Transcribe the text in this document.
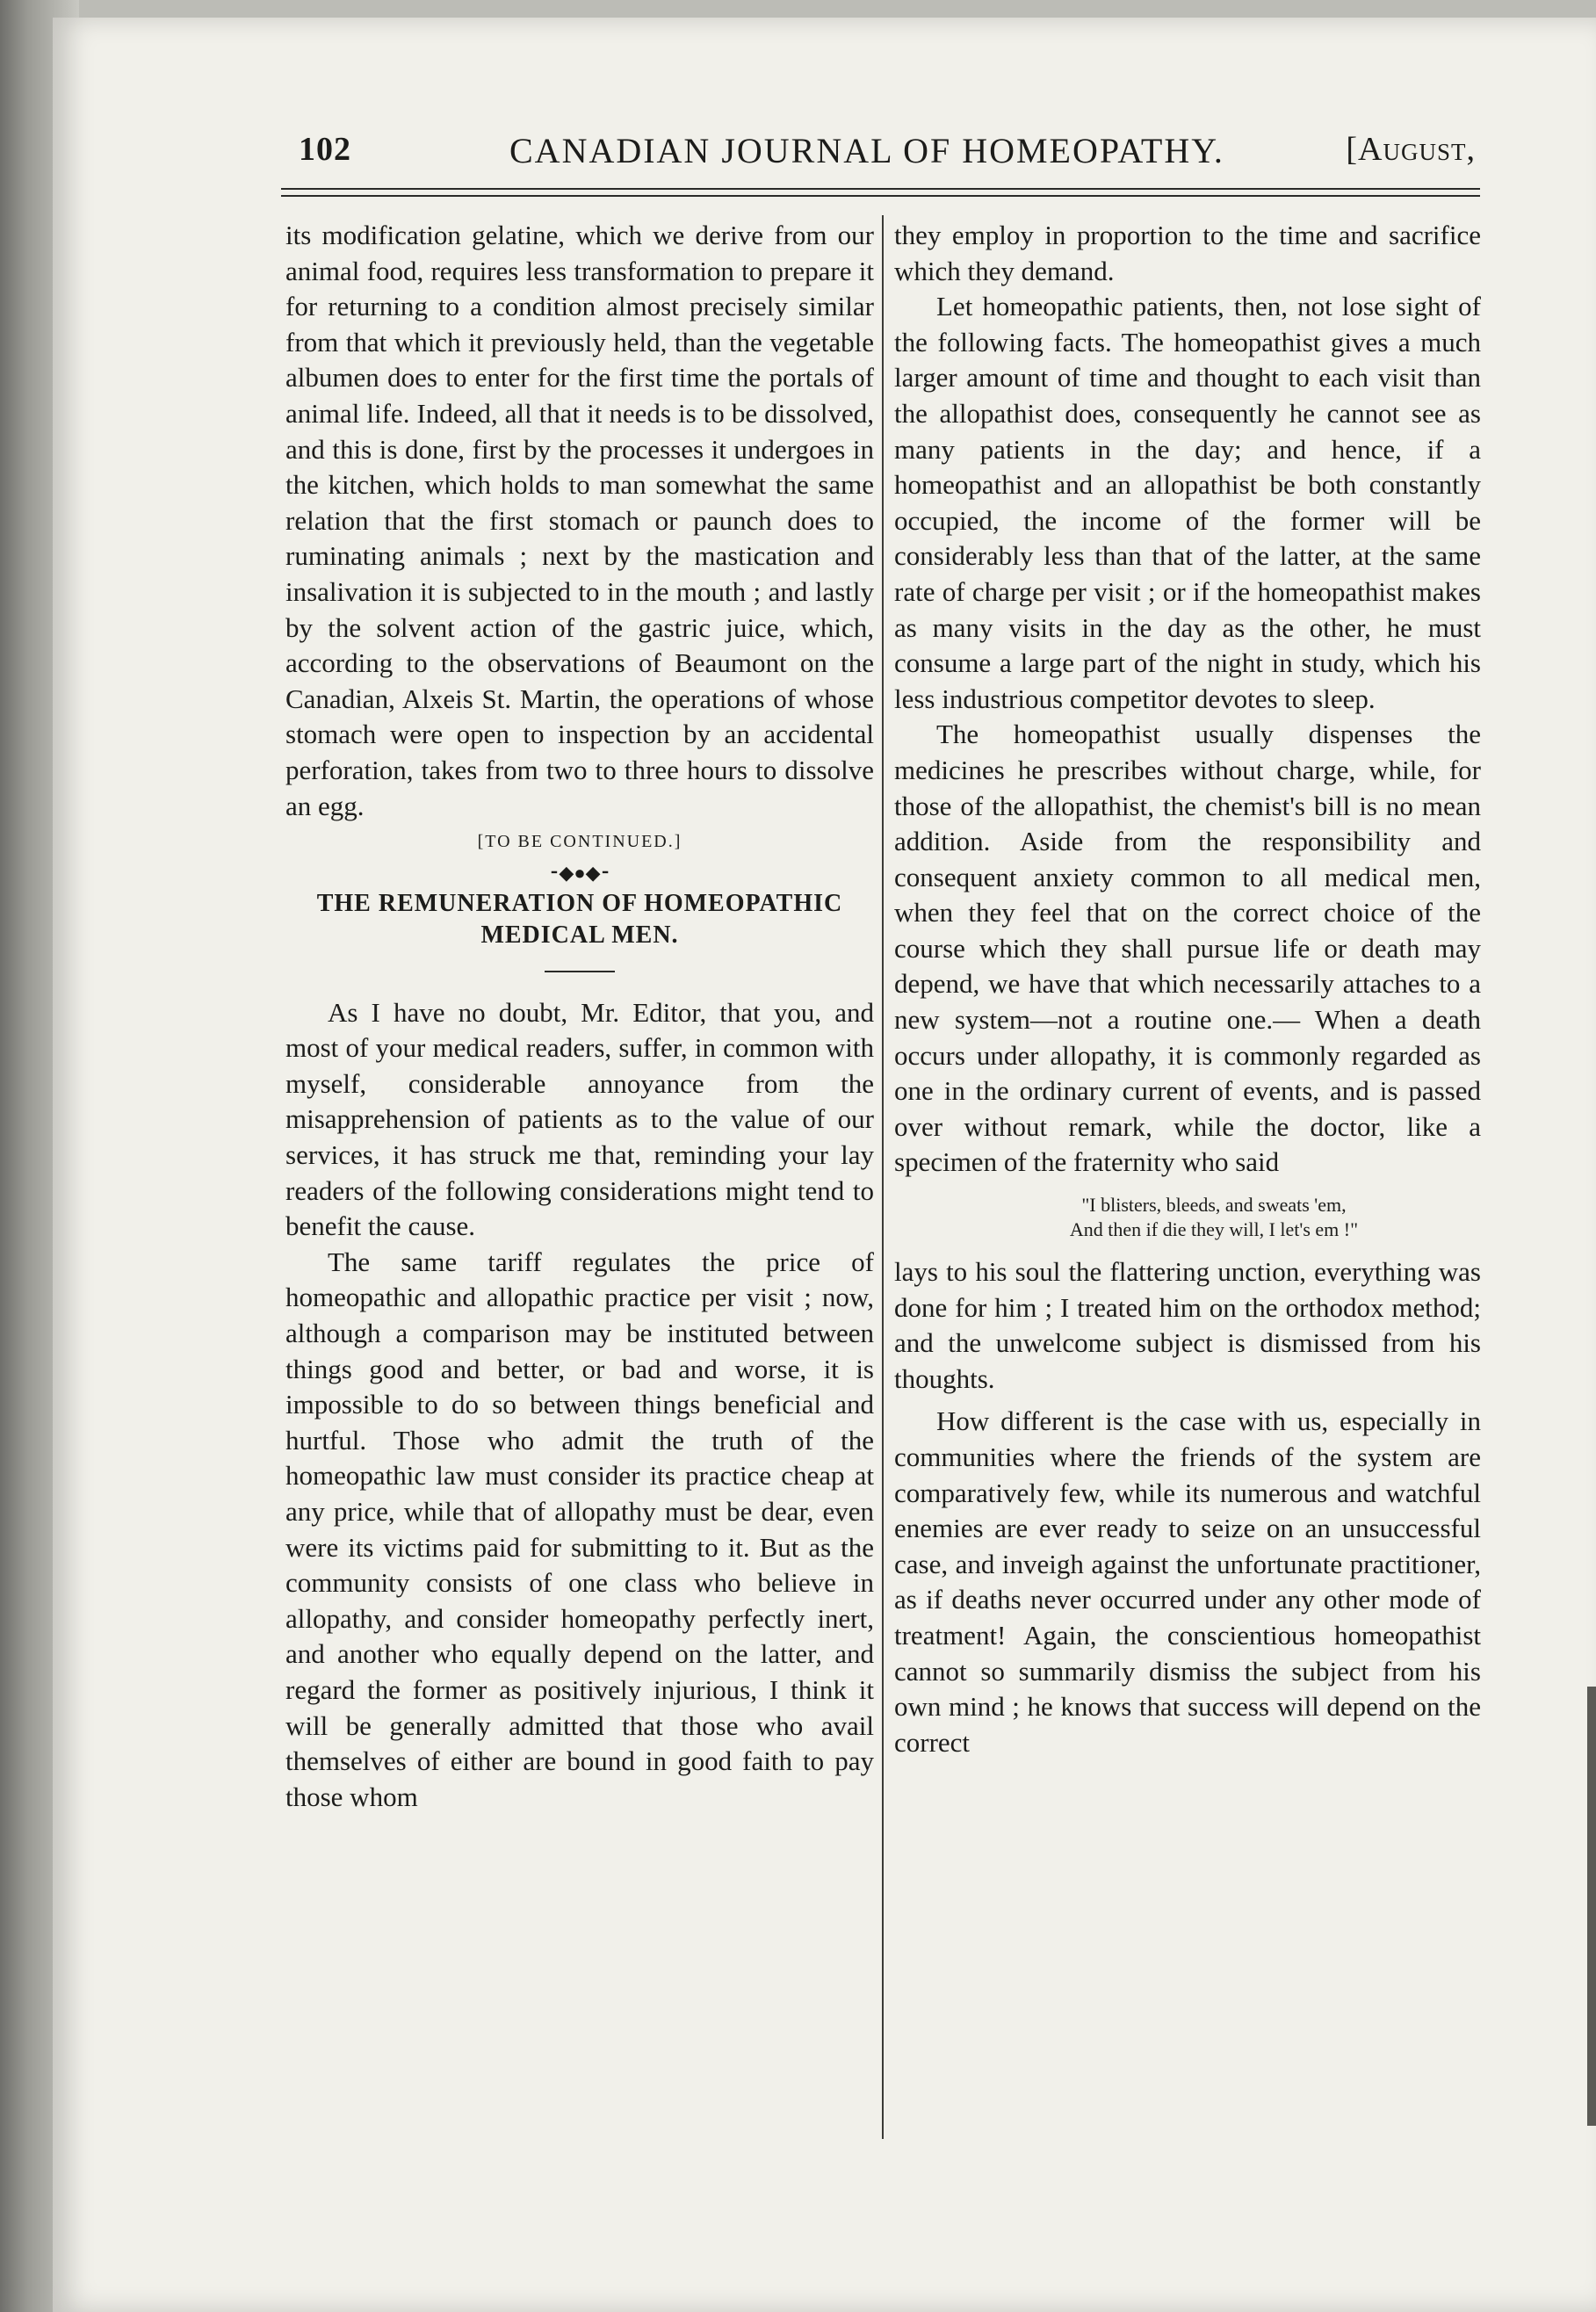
102	CANADIAN JOURNAL OF HOMEOPATHY.	[August,

its modification gelatine, which we derive from our animal food, requires less transformation to prepare it for returning to a condition almost precisely similar from that which it previously held, than the vegetable albumen does to enter for the first time the portals of animal life. Indeed, all that it needs is to be dissolved, and this is done, first by the processes it undergoes in the kitchen, which holds to man somewhat the same relation that the first stomach or paunch does to ruminating animals ; next by the mastication and insalivation it is subjected to in the mouth ; and lastly by the solvent action of the gastric juice, which, according to the observations of Beaumont on the Canadian, Alxeis St. Martin, the operations of whose stomach were open to inspection by an accidental perforation, takes from two to three hours to dissolve an egg.

[TO BE CONTINUED.]

⁃◆●◆⁃

THE REMUNERATION OF HOMEOPATHIC MEDICAL MEN.

As I have no doubt, Mr. Editor, that you, and most of your medical readers, suffer, in common with myself, considerable annoyance from the misapprehension of patients as to the value of our services, it has struck me that, reminding your lay readers of the following considerations might tend to benefit the cause.

The same tariff regulates the price of homeopathic and allopathic practice per visit ; now, although a comparison may be instituted between things good and better, or bad and worse, it is impossible to do so between things beneficial and hurtful. Those who admit the truth of the homeopathic law must consider its practice cheap at any price, while that of allopathy must be dear, even were its victims paid for submitting to it. But as the community consists of one class who believe in allopathy, and consider homeopathy perfectly inert, and another who equally depend on the latter, and regard the former as positively injurious, I think it will be generally admitted that those who avail themselves of either are bound in good faith to pay those whom

they employ in proportion to the time and sacrifice which they demand.

Let homeopathic patients, then, not lose sight of the following facts. The homeopathist gives a much larger amount of time and thought to each visit than the allopathist does, consequently he cannot see as many patients in the day; and hence, if a homeopathist and an allopathist be both constantly occupied, the income of the former will be considerably less than that of the latter, at the same rate of charge per visit ; or if the homeopathist makes as many visits in the day as the other, he must consume a large part of the night in study, which his less industrious competitor devotes to sleep.

The homeopathist usually dispenses the medicines he prescribes without charge, while, for those of the allopathist, the chemist's bill is no mean addition. Aside from the responsibility and consequent anxiety common to all medical men, when they feel that on the correct choice of the course which they shall pursue life or death may depend, we have that which necessarily attaches to a new system—not a routine one.— When a death occurs under allopathy, it is commonly regarded as one in the ordinary current of events, and is passed over without remark, while the doctor, like a specimen of the fraternity who said

"I blisters, bleeds, and sweats 'em,
And then if die they will, I let's em !"

lays to his soul the flattering unction, everything was done for him ; I treated him on the orthodox method; and the unwelcome subject is dismissed from his thoughts.

How different is the case with us, especially in communities where the friends of the system are comparatively few, while its numerous and watchful enemies are ever ready to seize on an unsuccessful case, and inveigh against the unfortunate practitioner, as if deaths never occurred under any other mode of treatment! Again, the conscientious homeopathist cannot so summarily dismiss the subject from his own mind ; he knows that success will depend on the correct
